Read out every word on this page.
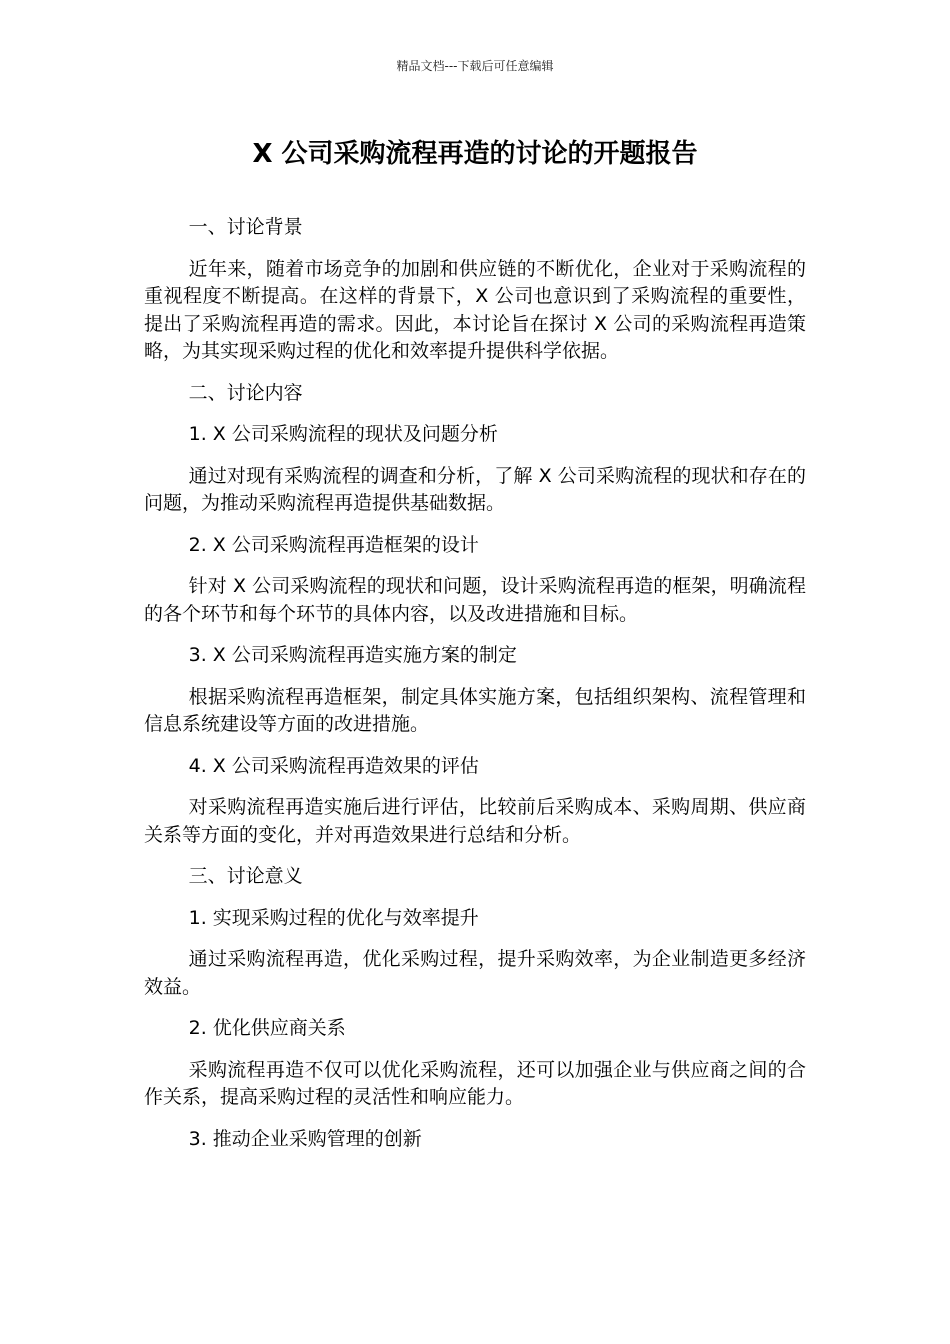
精品文档---下载后可任意编辑
X 公司采购流程再造的讨论的开题报告

一、讨论背景

近年来，随着市场竞争的加剧和供应链的不断优化，企业对于采购流程的重视程度不断提高。在这样的背景下，X 公司也意识到了采购流程的重要性，提出了采购流程再造的需求。因此，本讨论旨在探讨 X 公司的采购流程再造策略，为其实现采购过程的优化和效率提升提供科学依据。

二、讨论内容

1. X 公司采购流程的现状及问题分析

通过对现有采购流程的调查和分析，了解 X 公司采购流程的现状和存在的问题，为推动采购流程再造提供基础数据。

2. X 公司采购流程再造框架的设计

针对 X 公司采购流程的现状和问题，设计采购流程再造的框架，明确流程的各个环节和每个环节的具体内容，以及改进措施和目标。

3. X 公司采购流程再造实施方案的制定

根据采购流程再造框架，制定具体实施方案，包括组织架构、流程管理和信息系统建设等方面的改进措施。

4. X 公司采购流程再造效果的评估

对采购流程再造实施后进行评估，比较前后采购成本、采购周期、供应商关系等方面的变化，并对再造效果进行总结和分析。

三、讨论意义

1. 实现采购过程的优化与效率提升

通过采购流程再造，优化采购过程，提升采购效率，为企业制造更多经济效益。

2. 优化供应商关系

采购流程再造不仅可以优化采购流程，还可以加强企业与供应商之间的合作关系，提高采购过程的灵活性和响应能力。

3. 推动企业采购管理的创新
